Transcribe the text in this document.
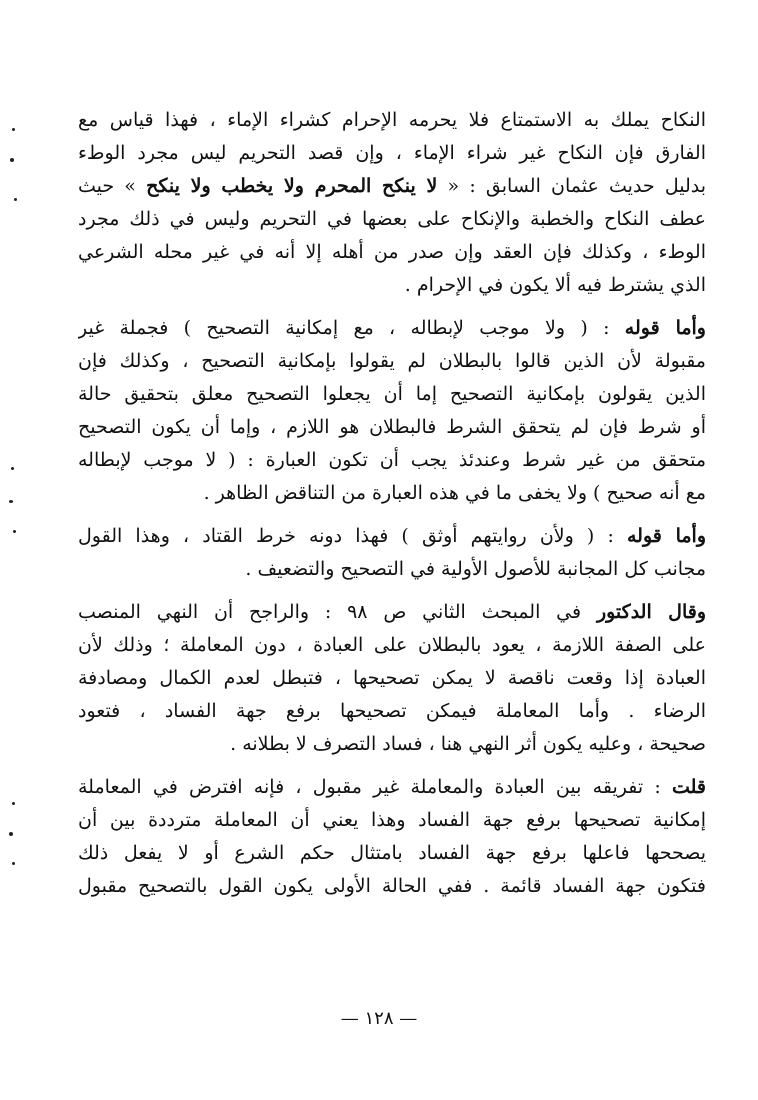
النكاح يملك به الاستمتاع فلا يحرمه الإحرام كشراء الإماء ، فهذا قياس مع
الفارق فإن النكاح غير شراء الإماء ، وإن قصد التحريم ليس مجرد الوطء
بدليل حديث عثمان السابق : « لا ينكح المحرم ولا يخطب ولا ينكح » حيث
عطف النكاح والخطبة والإنكاح على بعضها في التحريم وليس في ذلك مجرد
الوطء ، وكذلك فإن العقد وإن صدر من أهله إلا أنه في غير محله الشرعي
الذي يشترط فيه ألا يكون في الإحرام .
وأما قوله : ( ولا موجب لإبطاله ، مع إمكانية التصحيح ) فجملة غير
مقبولة لأن الذين قالوا بالبطلان لم يقولوا بإمكانية التصحيح ، وكذلك فإن
الذين يقولون بإمكانية التصحيح إما أن يجعلوا التصحيح معلق بتحقيق حالة
أو شرط فإن لم يتحقق الشرط فالبطلان هو اللازم ، وإما أن يكون التصحيح
متحقق من غير شرط وعندئذ يجب أن تكون العبارة : ( لا موجب لإبطاله
مع أنه صحيح ) ولا يخفى ما في هذه العبارة من التناقض الظاهر .
وأما قوله : ( ولأن روايتهم أوثق ) فهذا دونه خرط القتاد ، وهذا القول
مجانب كل المجانبة للأصول الأولية في التصحيح والتضعيف .
وقال الدكتور في المبحث الثاني ص ٩٨ : والراجح أن النهي المنصب
على الصفة اللازمة ، يعود بالبطلان على العبادة ، دون المعاملة ؛ وذلك لأن
العبادة إذا وقعت ناقصة لا يمكن تصحيحها ، فتبطل لعدم الكمال ومصادفة
الرضاء . وأما المعاملة فيمكن تصحيحها برفع جهة الفساد ، فتعود
صحيحة ، وعليه يكون أثر النهي هنا ، فساد التصرف لا بطلانه .
قلت : تفريقه بين العبادة والمعاملة غير مقبول ، فإنه افترض في المعاملة
إمكانية تصحيحها برفع جهة الفساد وهذا يعني أن المعاملة مترددة بين أن
يصححها فاعلها برفع جهة الفساد بامتثال حكم الشرع أو لا يفعل ذلك
فتكون جهة الفساد قائمة . ففي الحالة الأولى يكون القول بالتصحيح مقبول
— ١٢٨ —
